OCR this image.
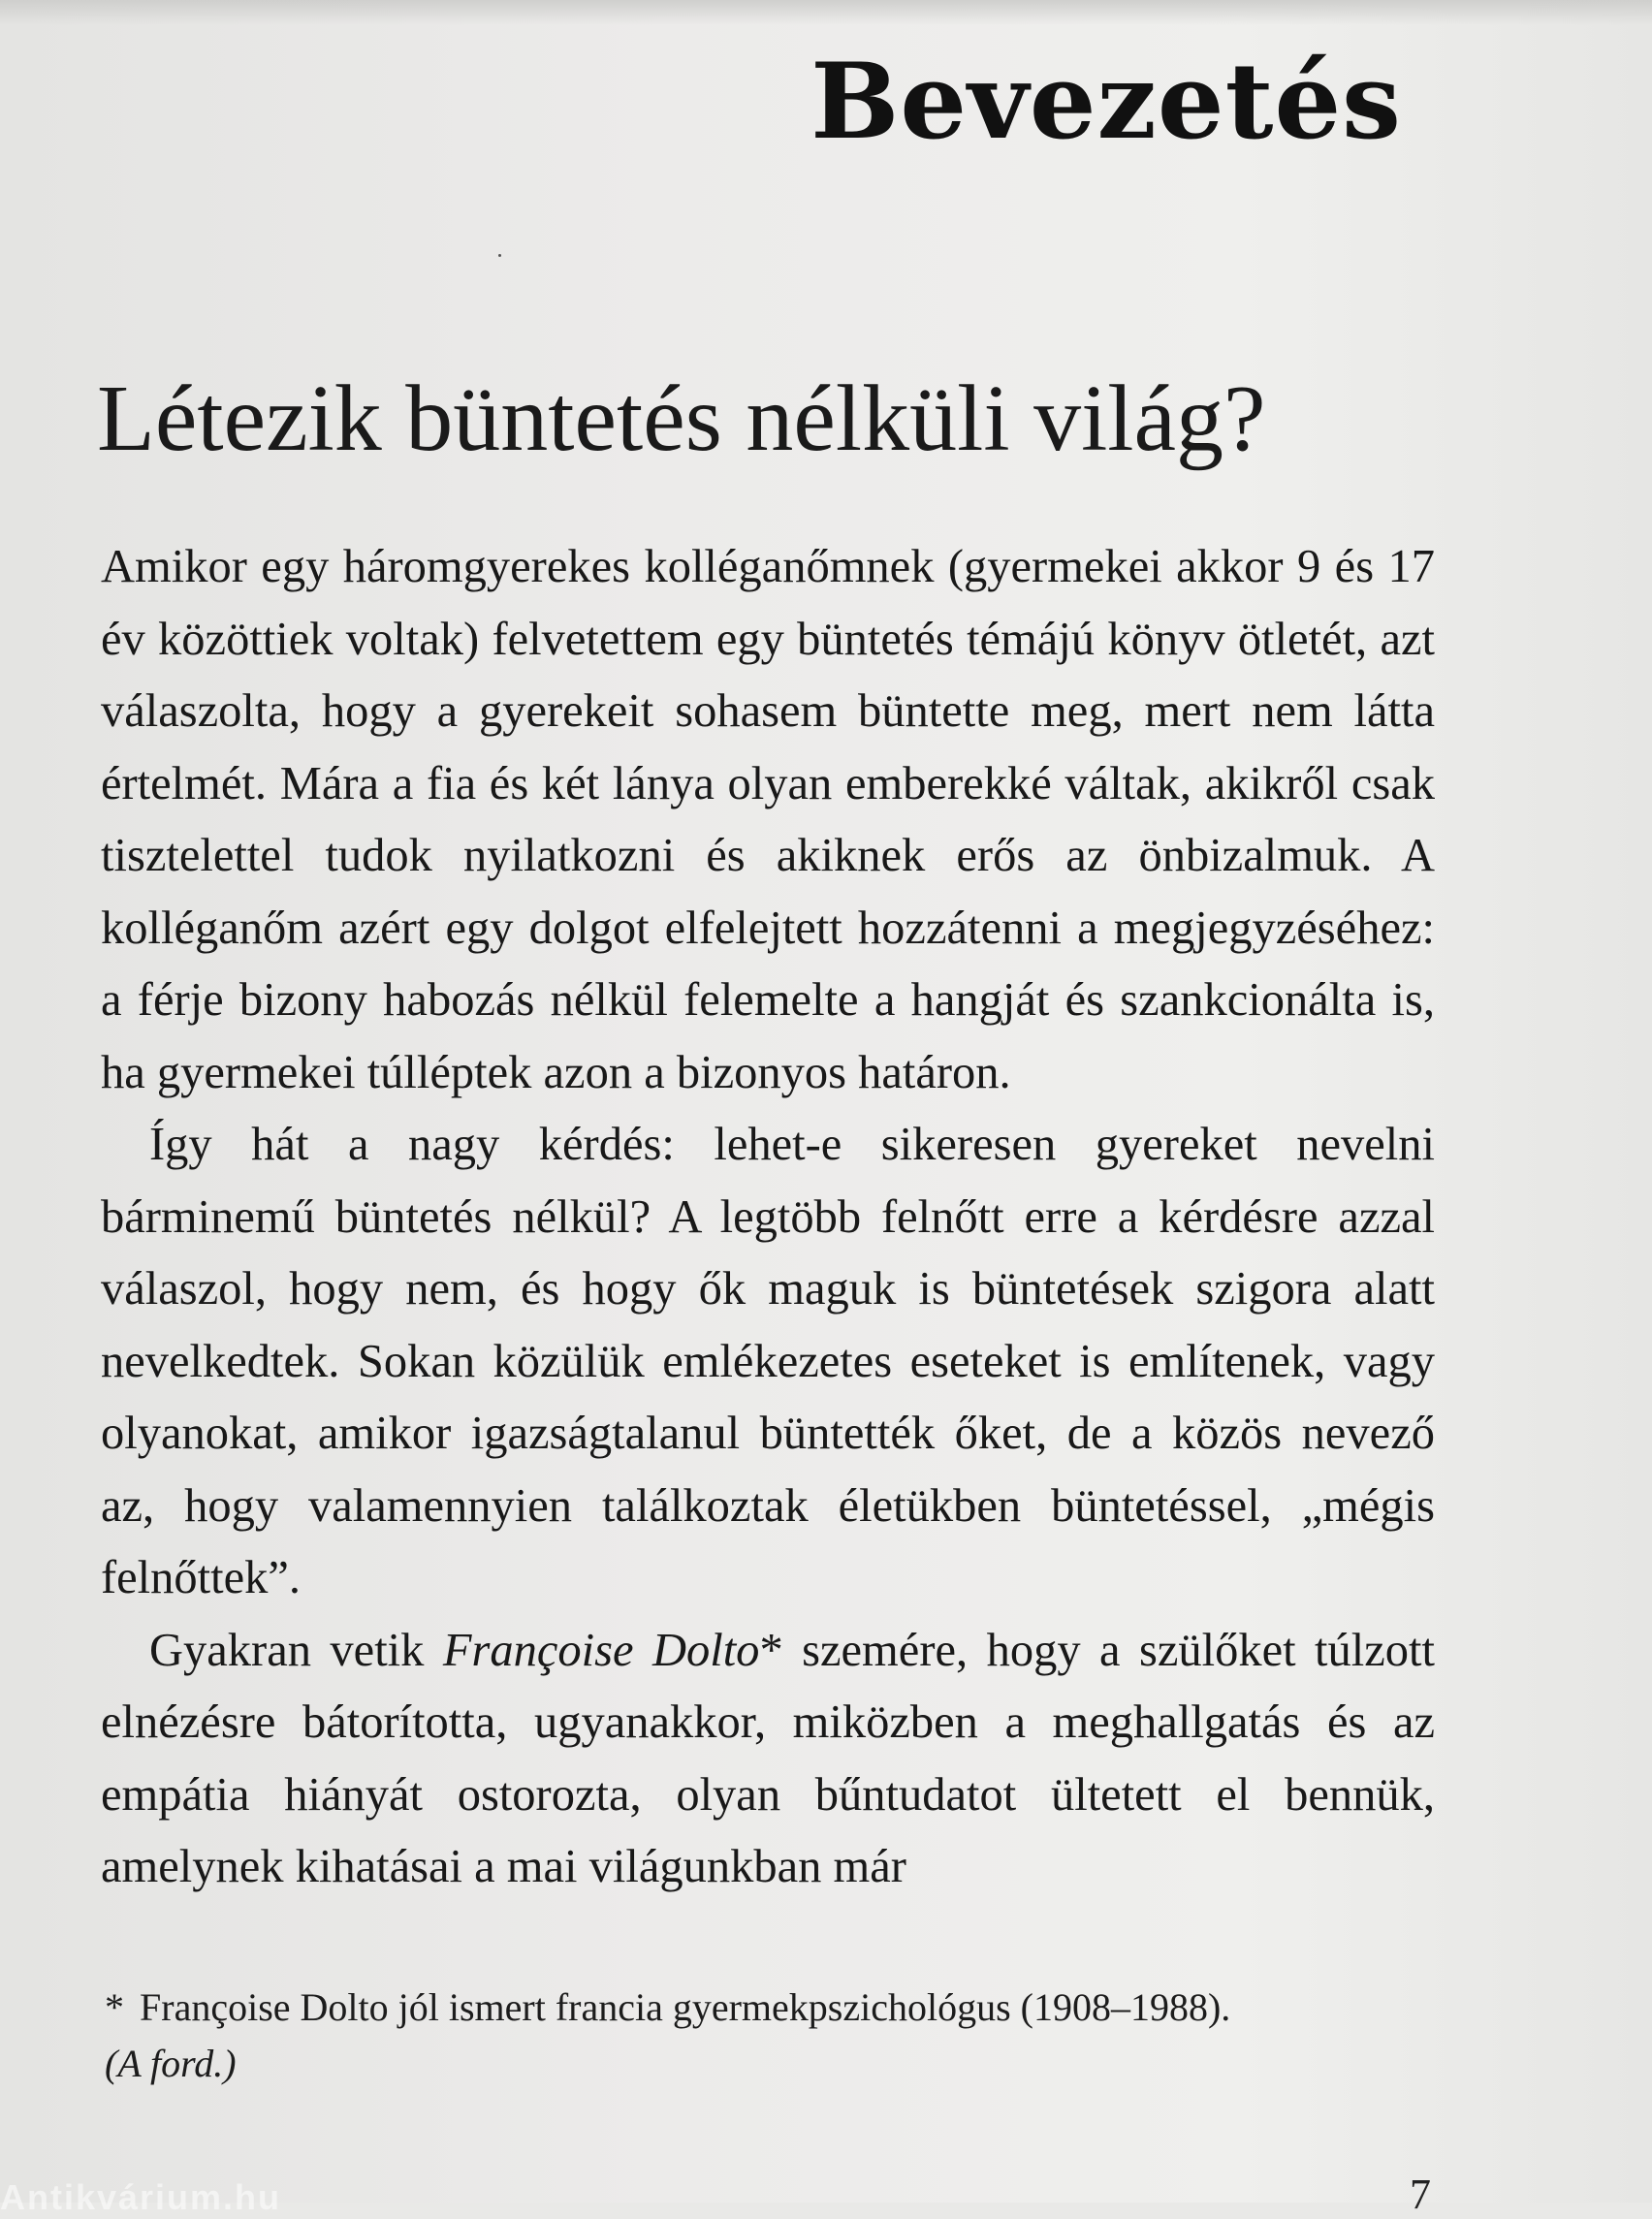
Bevezetés
Létezik büntetés nélküli világ?

Amikor egy háromgyerekes kolléganőmnek (gyermekei akkor 9 és 17 év közöttiek voltak) felvetettem egy büntetés témájú könyv ötletét, azt válaszolta, hogy a gyerekeit sohasem büntette meg, mert nem látta értelmét. Mára a fia és két lánya olyan emberekké váltak, akikről csak tisztelettel tudok nyilatkozni és akiknek erős az önbizalmuk. A kolléganőm azért egy dolgot elfelejtett hozzátenni a megjegyzéséhez: a férje bizony habozás nélkül felemelte a hangját és szankcionálta is, ha gyermekei túlléptek azon a bizonyos határon.

Így hát a nagy kérdés: lehet-e sikeresen gyereket nevelni bárminemű büntetés nélkül? A legtöbb felnőtt erre a kérdésre azzal válaszol, hogy nem, és hogy ők maguk is büntetések szigora alatt nevelkedtek. Sokan közülük emlékezetes eseteket is említenek, vagy olyanokat, amikor igazságtalanul büntették őket, de a közös nevező az, hogy valamennyien találkoztak életükben büntetéssel, „mégis felnőttek”.

Gyakran vetik Françoise Dolto* szemére, hogy a szülőket túlzott elnézésre bátorította, ugyanakkor, miközben a meghallgatás és az empátia hiányát ostorozta, olyan bűntudatot ültetett el bennük, amelynek kihatásai a mai világunkban már

* Françoise Dolto jól ismert francia gyermekpszichológus (1908–1988).
(A ford.)
7
Antikvárium.hu
